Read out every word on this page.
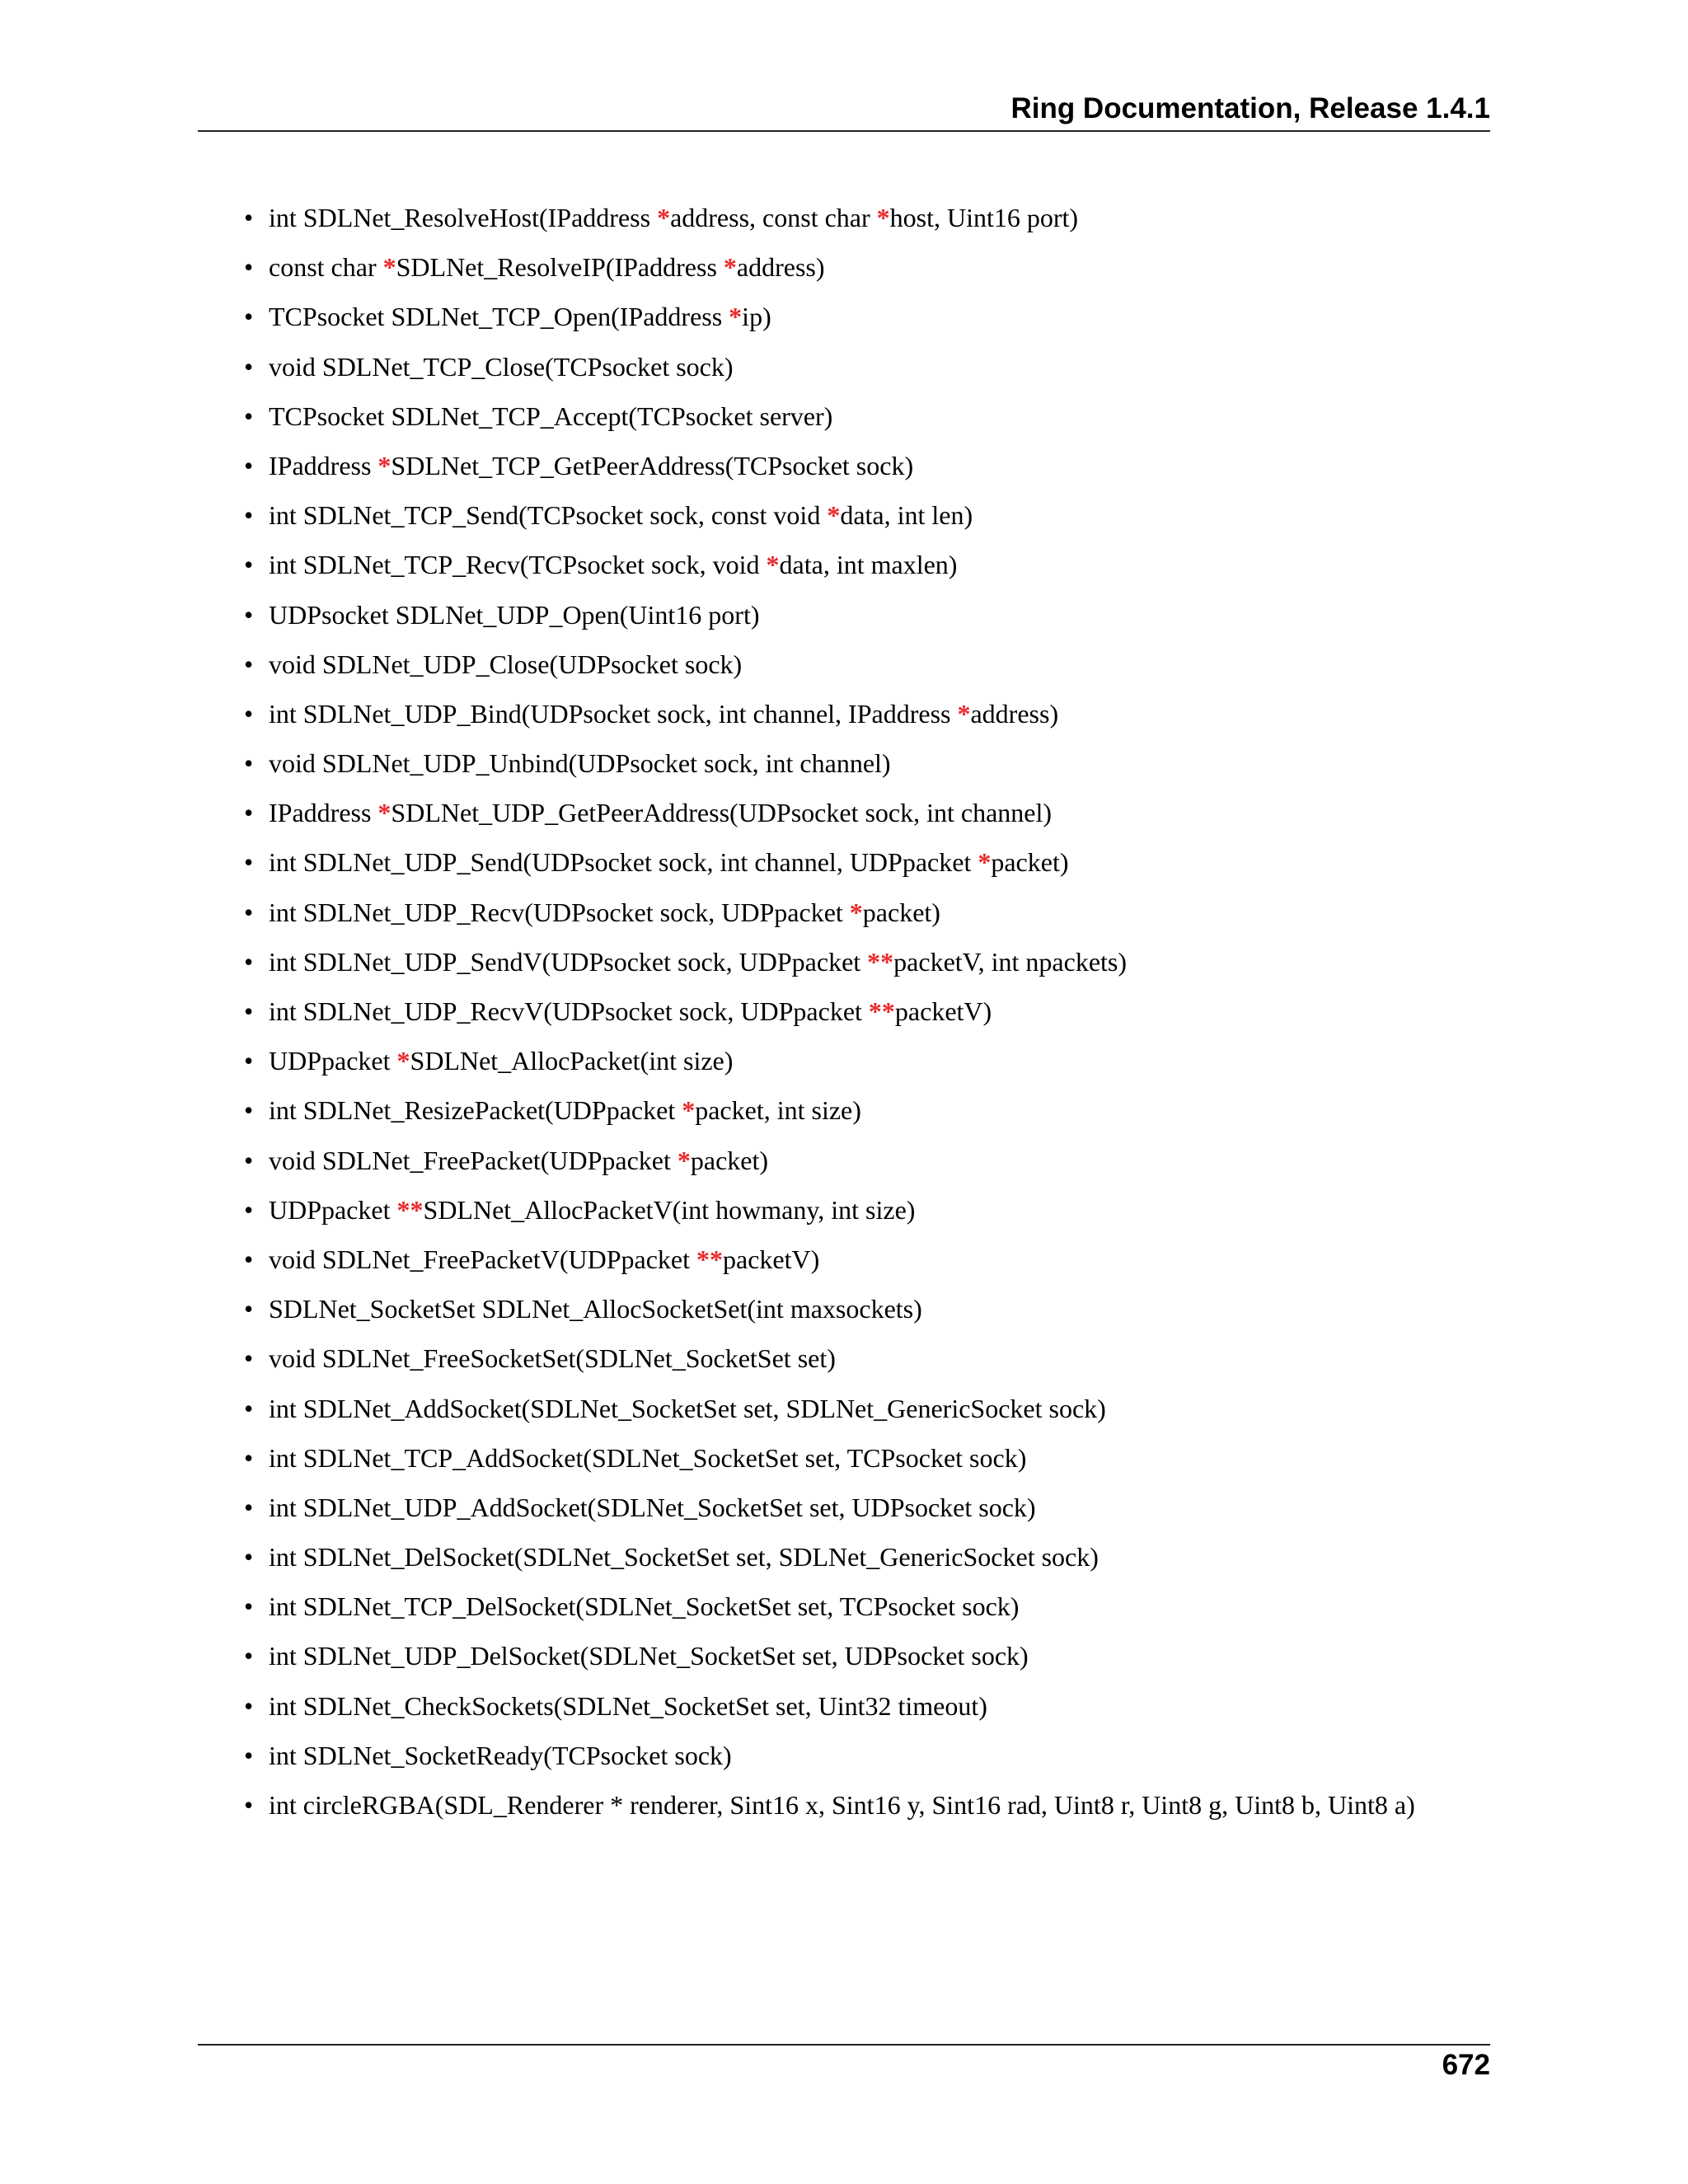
Ring Documentation, Release 1.4.1
• int SDLNet_ResolveHost(IPaddress *address, const char *host, Uint16 port)
• const char *SDLNet_ResolveIP(IPaddress *address)
• TCPsocket SDLNet_TCP_Open(IPaddress *ip)
• void SDLNet_TCP_Close(TCPsocket sock)
• TCPsocket SDLNet_TCP_Accept(TCPsocket server)
• IPaddress *SDLNet_TCP_GetPeerAddress(TCPsocket sock)
• int SDLNet_TCP_Send(TCPsocket sock, const void *data, int len)
• int SDLNet_TCP_Recv(TCPsocket sock, void *data, int maxlen)
• UDPsocket SDLNet_UDP_Open(Uint16 port)
• void SDLNet_UDP_Close(UDPsocket sock)
• int SDLNet_UDP_Bind(UDPsocket sock, int channel, IPaddress *address)
• void SDLNet_UDP_Unbind(UDPsocket sock, int channel)
• IPaddress *SDLNet_UDP_GetPeerAddress(UDPsocket sock, int channel)
• int SDLNet_UDP_Send(UDPsocket sock, int channel, UDPpacket *packet)
• int SDLNet_UDP_Recv(UDPsocket sock, UDPpacket *packet)
• int SDLNet_UDP_SendV(UDPsocket sock, UDPpacket **packetV, int npackets)
• int SDLNet_UDP_RecvV(UDPsocket sock, UDPpacket **packetV)
• UDPpacket *SDLNet_AllocPacket(int size)
• int SDLNet_ResizePacket(UDPpacket *packet, int size)
• void SDLNet_FreePacket(UDPpacket *packet)
• UDPpacket **SDLNet_AllocPacketV(int howmany, int size)
• void SDLNet_FreePacketV(UDPpacket **packetV)
• SDLNet_SocketSet SDLNet_AllocSocketSet(int maxsockets)
• void SDLNet_FreeSocketSet(SDLNet_SocketSet set)
• int SDLNet_AddSocket(SDLNet_SocketSet set, SDLNet_GenericSocket sock)
• int SDLNet_TCP_AddSocket(SDLNet_SocketSet set, TCPsocket sock)
• int SDLNet_UDP_AddSocket(SDLNet_SocketSet set, UDPsocket sock)
• int SDLNet_DelSocket(SDLNet_SocketSet set, SDLNet_GenericSocket sock)
• int SDLNet_TCP_DelSocket(SDLNet_SocketSet set, TCPsocket sock)
• int SDLNet_UDP_DelSocket(SDLNet_SocketSet set, UDPsocket sock)
• int SDLNet_CheckSockets(SDLNet_SocketSet set, Uint32 timeout)
• int SDLNet_SocketReady(TCPsocket sock)
• int circleRGBA(SDL_Renderer * renderer, Sint16 x, Sint16 y, Sint16 rad, Uint8 r, Uint8 g, Uint8 b, Uint8 a)
672
